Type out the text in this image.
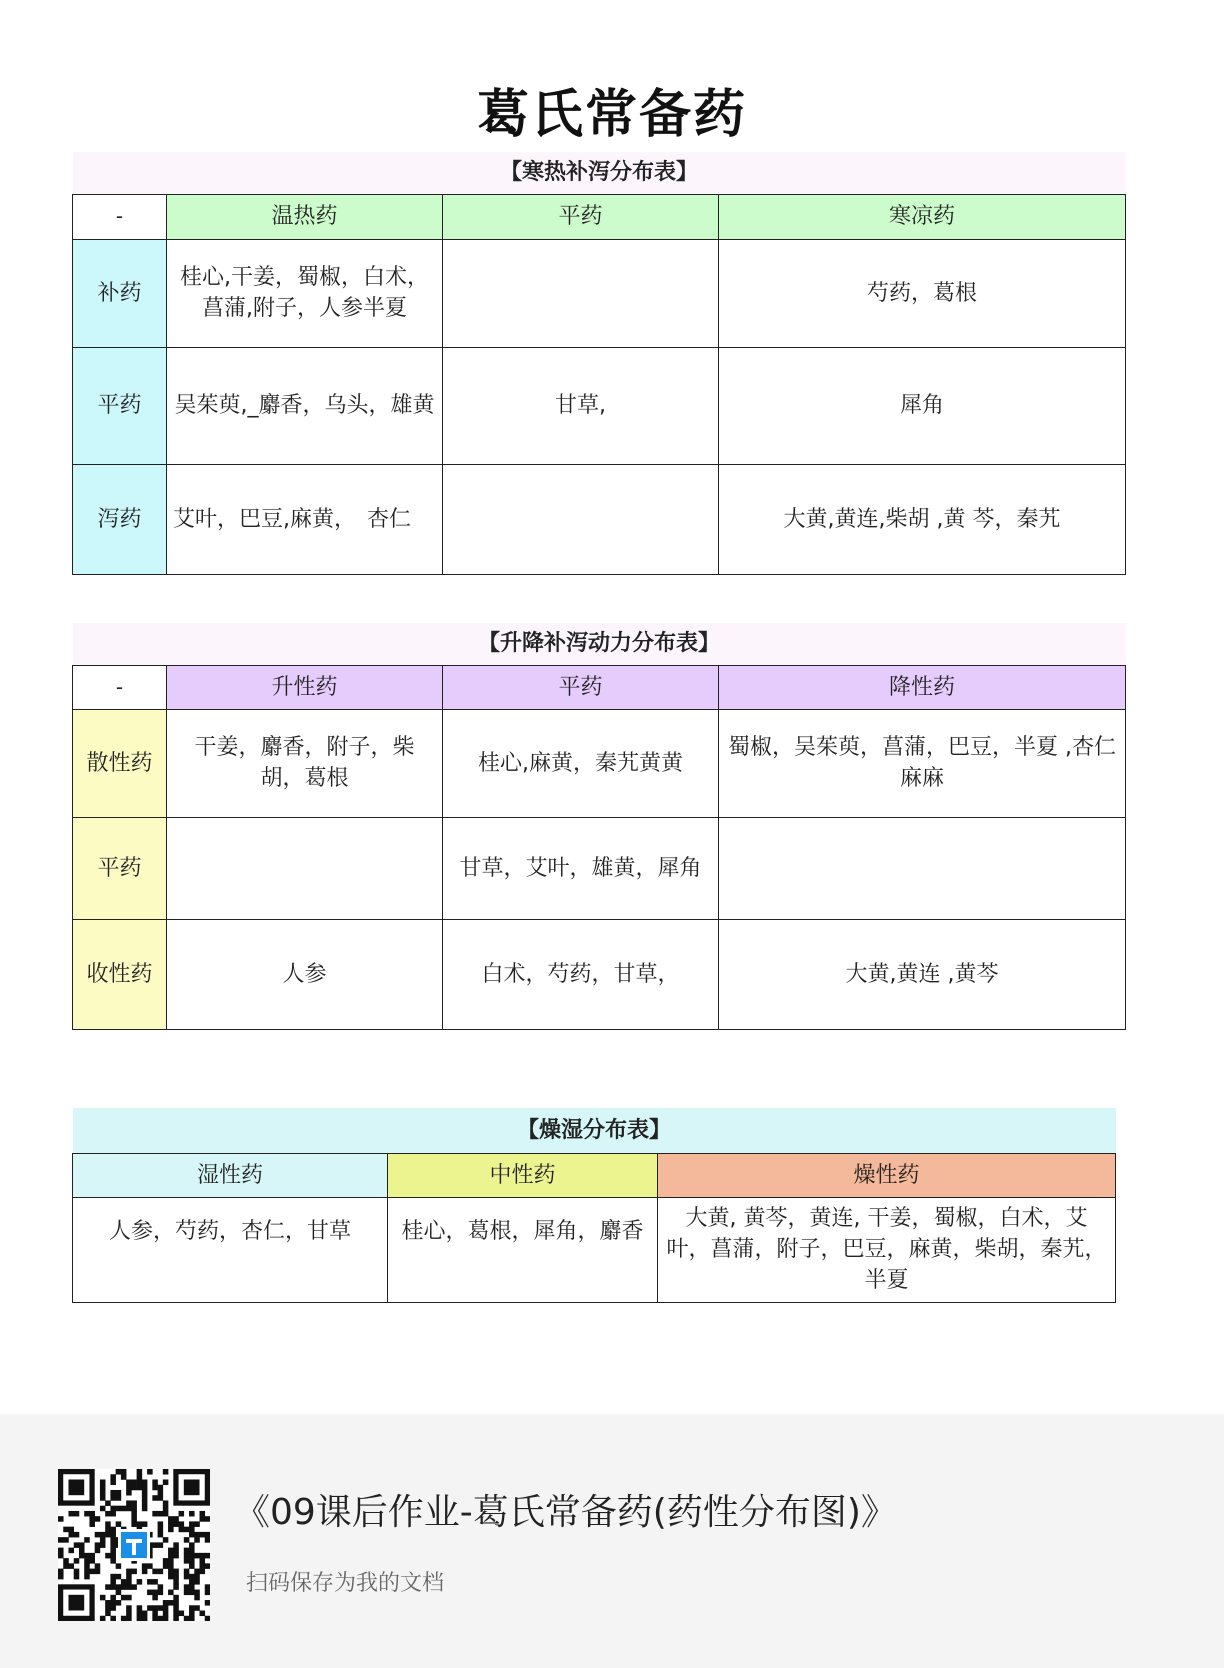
葛氏常备药
【寒热补泻分布表】			
-	温热药	平药	寒凉药
补药	桂心,干姜，蜀椒，白术，菖蒲,附子，人参半夏		芍药，葛根
平药	吴茱萸,_麝香，乌头，雄黄	甘草,	犀角
泻药	艾叶，巴豆,麻黄，　杏仁		大黄,黄连,柴胡 ,黄 芩，秦艽
【升降补泻动力分布表】			
-	升性药	平药	降性药
散性药	干姜，麝香，附子，柴胡，葛根	桂心,麻黄，秦艽黄黄	蜀椒，吴茱萸，菖蒲，巴豆，半夏 ,杏仁麻麻
平药		甘草，艾叶，雄黄，犀角	
收性药	人参	白术，芍药，甘草，	大黄,黄连 ,黄芩
【燥湿分布表】		
湿性药	中性药	燥性药
人参，芍药，杏仁，甘草	桂心，葛根，犀角，麝香	大黄, 黄芩，黄连, 干姜，蜀椒，白术，艾叶，菖蒲，附子，巴豆，麻黄，柴胡，秦艽，半夏
《09课后作业-葛氏常备药(药性分布图)》
扫码保存为我的文档
